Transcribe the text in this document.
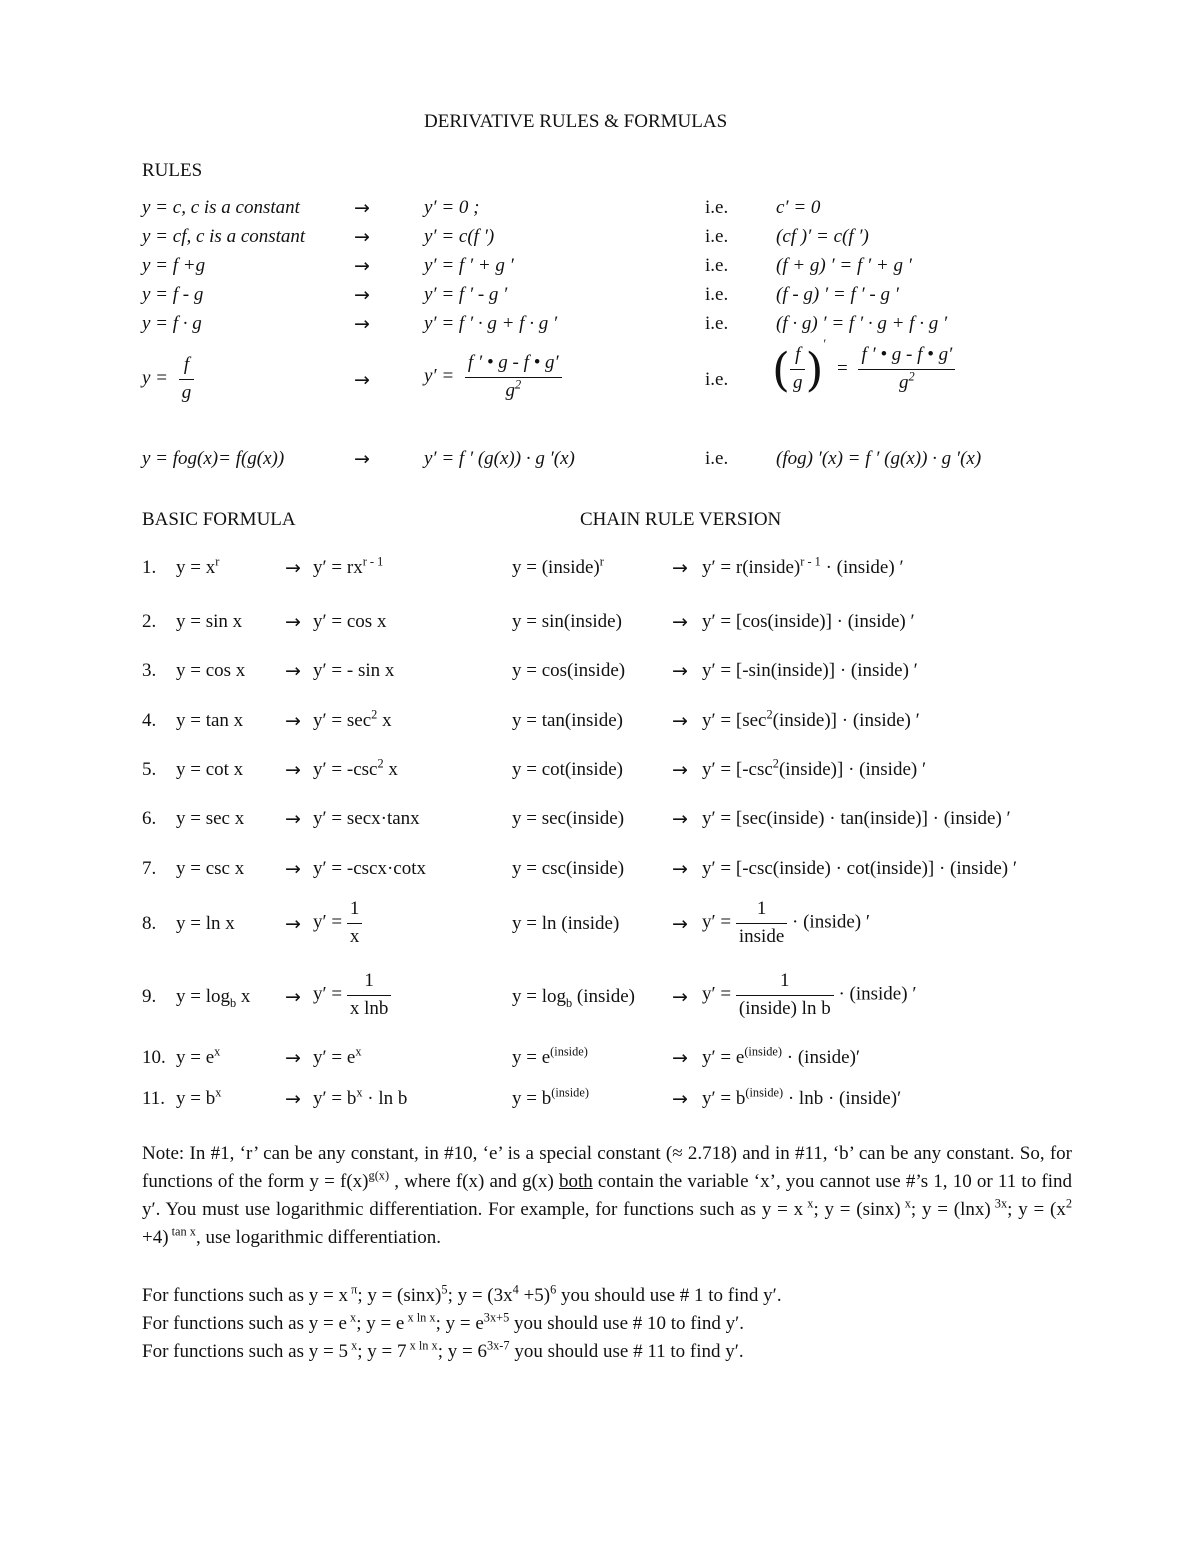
DERIVATIVE RULES & FORMULAS
RULES
y = c, c is a constant	→	y′ = 0 ;	i.e.	c′ = 0
y = cf, c is a constant	→	y′ = c(f ′)	i.e.	(cf )′ = c(f ′)
y = f +g	→	y′ = f ′ + g ′	i.e.	(f + g) ′ = f ′ + g ′
y = f - g	→	y′ = f ′ - g ′	i.e.	(f - g) ′ = f ′ - g ′
y = f · g	→	y′ = f ′ · g + f · g ′	i.e.	(f · g) ′ = f ′ · g + f · g ′
$y = \frac{f}{g}$	→	$y' = \frac{f ' • g - f • g'}{g^2}$	i.e. ( $\frac{f}{g} )' = \frac{f ' • g - f • g'}{g^2}$
y = fog(x)= f(g(x))	→	y′ = f ′ (g(x)) · g ′(x)	i.e.	(fog) ′(x) = f ′ (g(x)) · g ′(x)
BASIC FORMULA	CHAIN RULE VERSION
1. $y = x^r$	→ $y' = rx^{r - 1}$	y = (inside)$^r$	→ y′ = r(inside)$^{r - 1}$ · (inside) ′
2. y = sin x → y′ = cos x	y = sin(inside)	→ y′ = [cos(inside)] · (inside) ′
3. y = cos x → y′ = - sin x	y = cos(inside) → y′ = [-sin(inside)] · (inside) ′
4. $y = \tan x \to y' = \sec^2 x$	y = tan(inside)	→ $y' = [\sec^2(inside)]$ · (inside) ′
5. $y = \cot x \to y' = -\csc^2$ x	y = cot(inside)	→ $y' = [-\csc^2(inside)]$ · (inside) ′
6. y = sec x → y′ = secx·tanx	y = sec(inside)	→ y′ = [sec(inside) · tan(inside)] · (inside) ′
7. y = csc x → y′ = -cscx·cotx	y = csc(inside)	→ y′ = [-csc(inside) · cot(inside)] · (inside) ′
8. y = ln x	→ $y' = \frac{1}{x}$	y = ln (inside)	→ $y' = \frac{1}{\text{inside}}$ · (inside) ′
9. $y = \log_b x \to y' = \frac{1}{\text{x lnb}}$	$y = \log_b$ (inside) → $y' = \frac{1}{\text{(inside) ln b}}$ · (inside) ′
10. $y = e^x$	→ $y' = e^x$	$y = e^{(inside)}$	→ $y' = e^{(inside)}$ · (inside)′
11. $y = b^x$	→ $y' = b^x \cdot \ln b$	$y = b^{(inside)}$	→ $y' = b^{(inside)} \cdot \ln b$ · (inside)′
Note: In #1, ‘r’ can be any constant, in #10, ‘e’ is a special constant (≈ 2.718) and in #11, ‘b’ can be any constant. So, for functions of the form $y = f(x)^{g(x)}$ , where f(x) and g(x) both contain the variable ‘x’, you cannot use #’s 1, 10 or 11 to find y′. You must use logarithmic differentiation. For example, for functions such as y = x $^x$; y = (sinx) $^x$; y = (lnx) $^{3x}$; $y = (x^2 +4)$ $^{tan x}$, use logarithmic differentiation.
For functions such as y = x $^\pi$; $y = (\sin x)^5$; $y = (3x^4 +5)^6$ you should use # 1 to find y′.
For functions such as y = e $^x$; y = e $^{x ln x}$; $y = e^{3x+5}$ you should use # 10 to find y′.
For functions such as y = 5 $^x$; y = 7 $^{x ln x}$; $y = 6^{3x-7}$ you should use # 11 to find y′.
